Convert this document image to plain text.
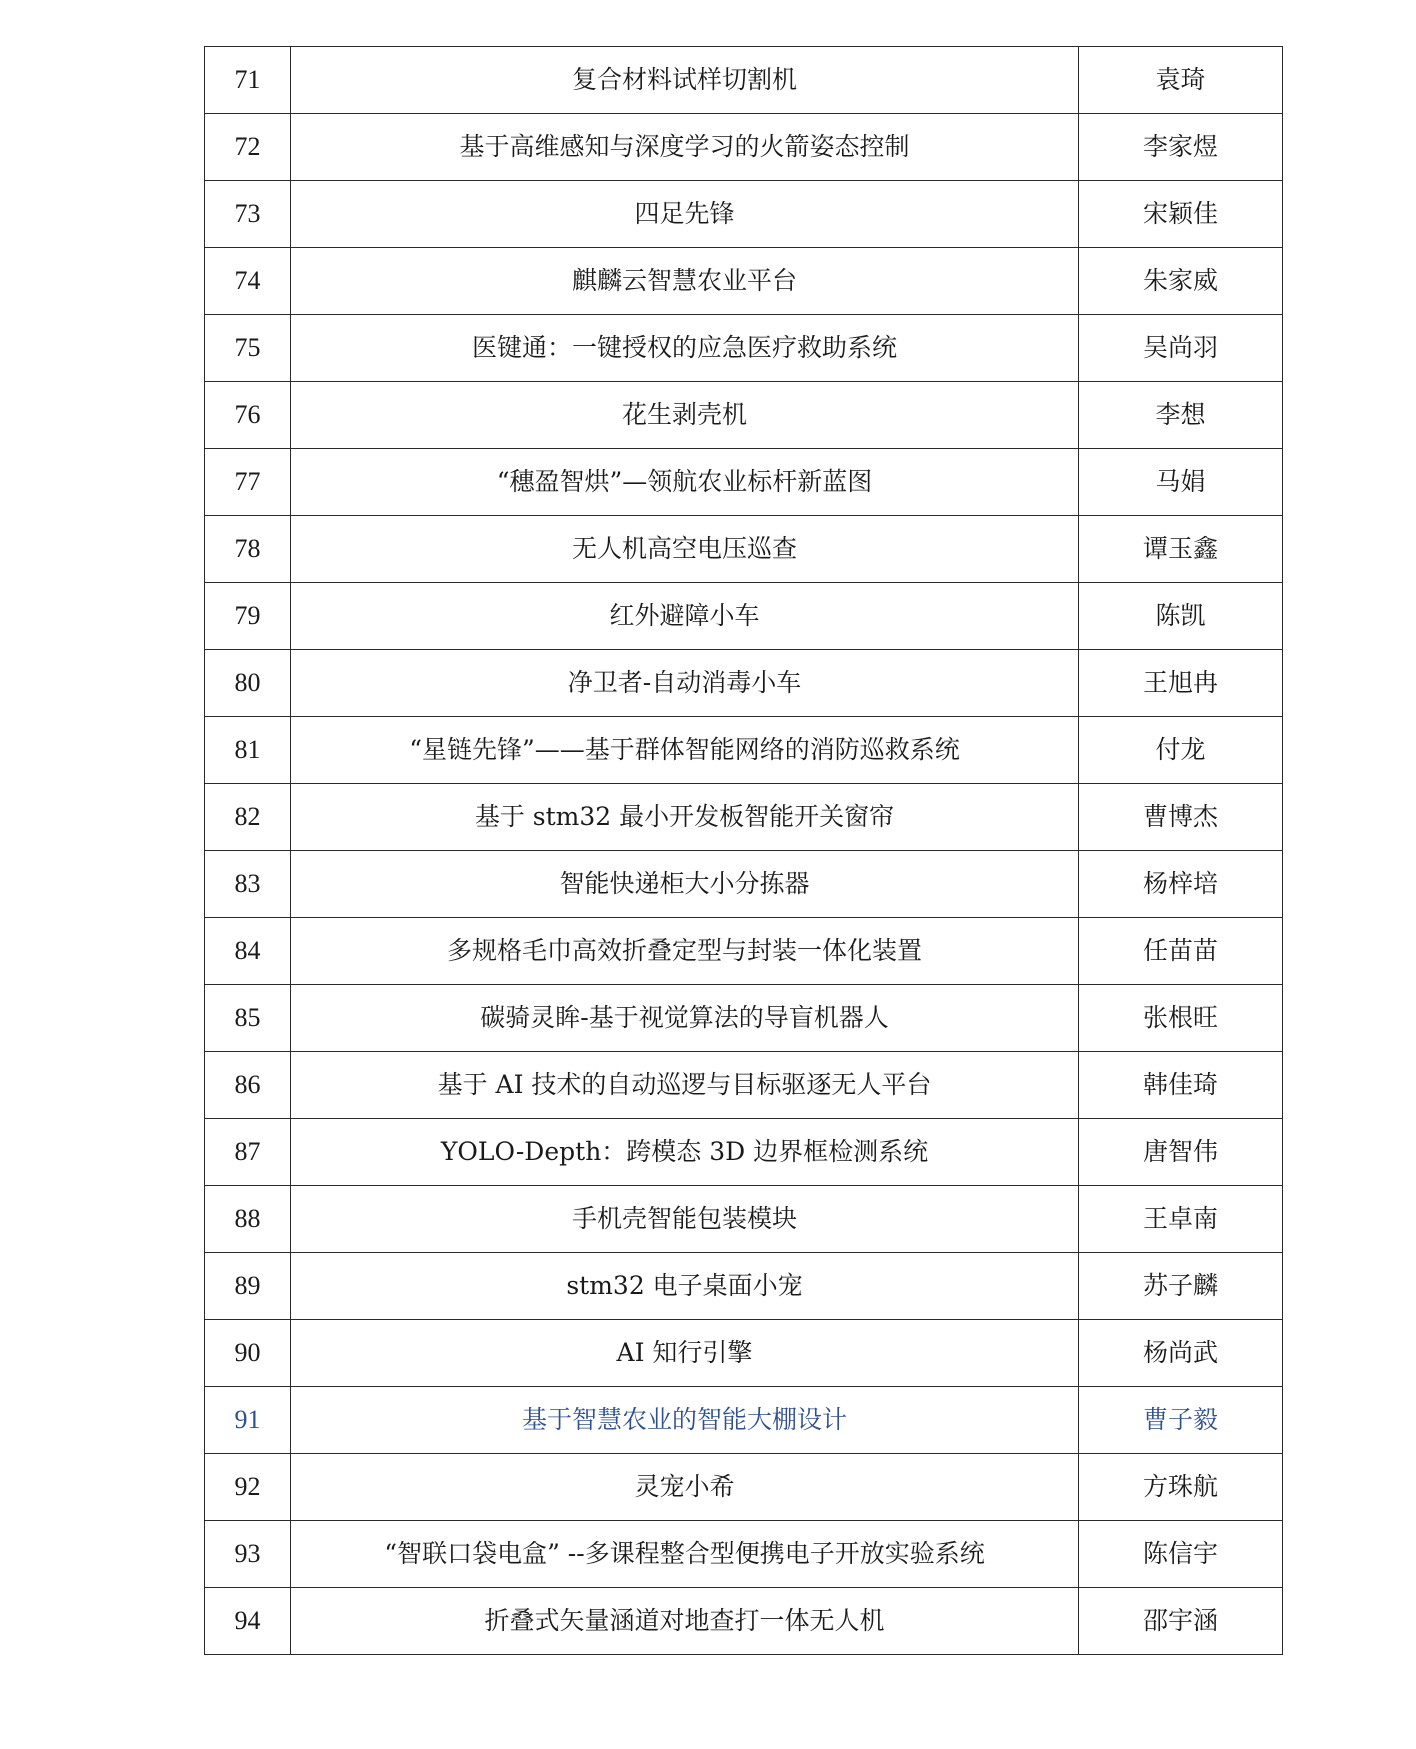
71	复合材料试样切割机	袁琦
72	基于高维感知与深度学习的火箭姿态控制	李家煜
73	四足先锋	宋颖佳
74	麒麟云智慧农业平台	朱家威
75	医键通：一键授权的应急医疗救助系统	吴尚羽
76	花生剥壳机	李想
77	“穗盈智烘”—领航农业标杆新蓝图	马娟
78	无人机高空电压巡查	谭玉鑫
79	红外避障小车	陈凯
80	净卫者-自动消毒小车	王旭冉
81	“星链先锋”——基于群体智能网络的消防巡救系统	付龙
82	基于 stm32 最小开发板智能开关窗帘	曹博杰
83	智能快递柜大小分拣器	杨梓培
84	多规格毛巾高效折叠定型与封装一体化装置	任苗苗
85	碳骑灵眸-基于视觉算法的导盲机器人	张根旺
86	基于 AI 技术的自动巡逻与目标驱逐无人平台	韩佳琦
87	YOLO-Depth：跨模态 3D 边界框检测系统	唐智伟
88	手机壳智能包装模块	王卓南
89	stm32 电子桌面小宠	苏子麟
90	AI 知行引擎	杨尚武
91	基于智慧农业的智能大棚设计	曹子毅
92	灵宠小希	方珠航
93	“智联口袋电盒” --多课程整合型便携电子开放实验系统	陈信宇
94	折叠式矢量涵道对地查打一体无人机	邵宇涵
